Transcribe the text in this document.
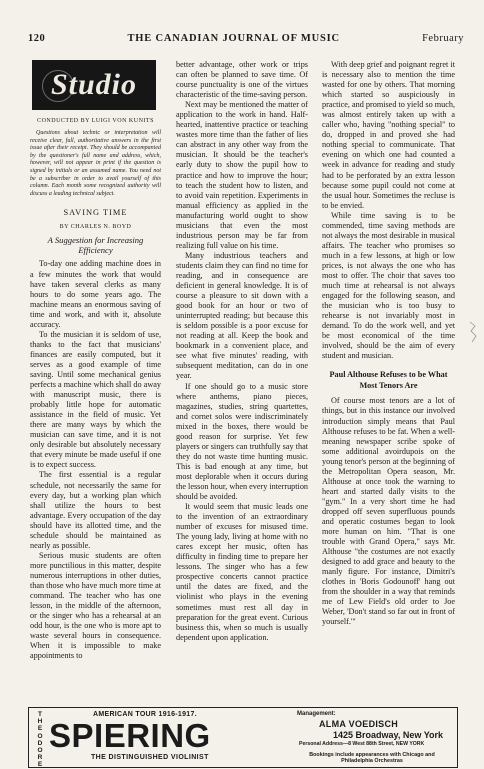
120	THE CANADIAN JOURNAL OF MUSIC	February
Studio
CONDUCTED BY LUIGI VON KUNITS

Questions about technic or interpretation will receive clear, full, authoritative answers in the first issue after their receipt. They should be accompanied by the questioner's full name and address, which, however, will not appear in print if the question is signed by initials or an assumed name. You need not be a subscriber in order to avail yourself of this column. Each month some recognized authority will discuss a leading technical subject.

SAVING TIME
BY CHARLES N. BOYD
A Suggestion for Increasing Efficiency

To-day one adding machine does in a few minutes the work that would have taken several clerks as many hours to do some years ago. The machine means an enormous saving of time and work, and with it, absolute accuracy.

To the musician it is seldom of use, thanks to the fact that musicians' finances are easily computed, but it serves as a good example of time saving. Until some mechanical genius perfects a machine which shall do away with manuscript music, there is probably little hope for automatic assistance in the field of music. Yet there are many ways by which the musician can save time, and it is not only desirable but absolutely necessary that every minute be made useful if one is to expect success.

The first essential is a regular schedule, not necessarily the same for every day, but a working plan which shall utilize the hours to best advantage. Every occupation of the day should have its allotted time, and the schedule should be maintained as nearly as possible.

Serious music students are often more punctilious in this matter, despite numerous interruptions in other duties, than those who have much more time at command. The teacher who has one lesson, in the middle of the afternoon, or the singer who has a rehearsal at an odd hour, is the one who is more apt to waste several hours in consequence. When it is impossible to make appointments to

better advantage, other work or trips can often be planned to save time. Of course punctuality is one of the virtues characteristic of the time-saving person.

Next may be mentioned the matter of application to the work in hand. Half-hearted, inattentive practice or teaching wastes more time than the father of lies can abstract in any other way from the musician. It should be the teacher's early duty to show the pupil how to practice and how to improve the hour; to teach the student how to listen, and to avoid vain repetition. Experiments in manual efficiency as applied in the manufacturing world ought to show musicians that even the most industrious person may be far from realizing full value on his time.

Many industrious teachers and students claim they can find no time for reading, and in consequence are deficient in general knowledge. It is of course a pleasure to sit down with a good book for an hour or two of uninterrupted reading; but because this is seldom possible is a poor excuse for not reading at all. Keep the book and bookmark in a convenient place, and see what five minutes' reading, with subsequent meditation, can do in one year.

If one should go to a music store where anthems, piano pieces, magazines, studies, string quartettes, and cornet solos were indiscriminately mixed in the boxes, there would be good reason for surprise. Yet few players or singers can truthfully say that they do not waste time hunting music. This is bad enough at any time, but most deplorable when it occurs during the lesson hour, when every interruption should be avoided.

It would seem that music leads one to the invention of an extraordinary number of excuses for misused time. The young lady, living at home with no cares except her music, often has difficulty in finding time to prepare her lessons. The singer who has a few prospective concerts cannot practice until the dates are fixed, and the violinist who plays in the evening sometimes must rest all day in preparation for the great event. Curious business this, when so much is usually dependent upon application.

With deep grief and poignant regret it is necessary also to mention the time wasted for one by others. That morning which started so auspiciously in practice, and promised to yield so much, was almost entirely taken up with a caller who, having "nothing special" to do, dropped in and proved she had nothing special to communicate. That evening on which one had counted a week in advance for reading and study had to be perforated by an extra lesson because some pupil could not come at the usual hour. Sometimes the recluse is to be envied.

While time saving is to be commended, time saving methods are not always the most desirable in musical affairs. The teacher who promises so much in a few lessons, at high or low prices, is not always the one who has most to offer. The choir that saves too much time at rehearsal is not always engaged for the following season, and the musician who is too busy to rehearse is not invariably most in demand. To do the work well, and yet be most economical of the time involved, should be the aim of every student and musician.

Paul Althouse Refuses to be What Most Tenors Are

Of course most tenors are a lot of things, but in this instance our involved introduction simply means that Paul Althouse refuses to be fat. When a well-meaning newspaper scribe spoke of some additional avoirdupois on the young tenor's person at the beginning of the Metropolitan Opera season, Mr. Althouse at once took the warning to heart and started daily visits to the "gym." In a very short time he had dropped off seven superfluous pounds and operatic costumes began to look more human on him. "That is one trouble with Grand Opera," says Mr. Althouse "the costumes are not exactly designed to add grace and beauty to the manly figure. For instance, Dimitri's clothes in 'Boris Godounoff' hang out from the shoulder in a way that reminds me of Lew Field's old order to Joe Weber, 'Don't stand so far out in front of yourself.'"

T
H
E
O
D
O
R
E
AMERICAN TOUR 1916-1917.
SPIERING
THE DISTINGUISHED VIOLINIST
Management:
ALMA VOEDISCH
1425 Broadway, New York
Personal Address—8 West 88th Street, NEW YORK
Bookings include appearances with Chicago and Philadelphia Orchestras
